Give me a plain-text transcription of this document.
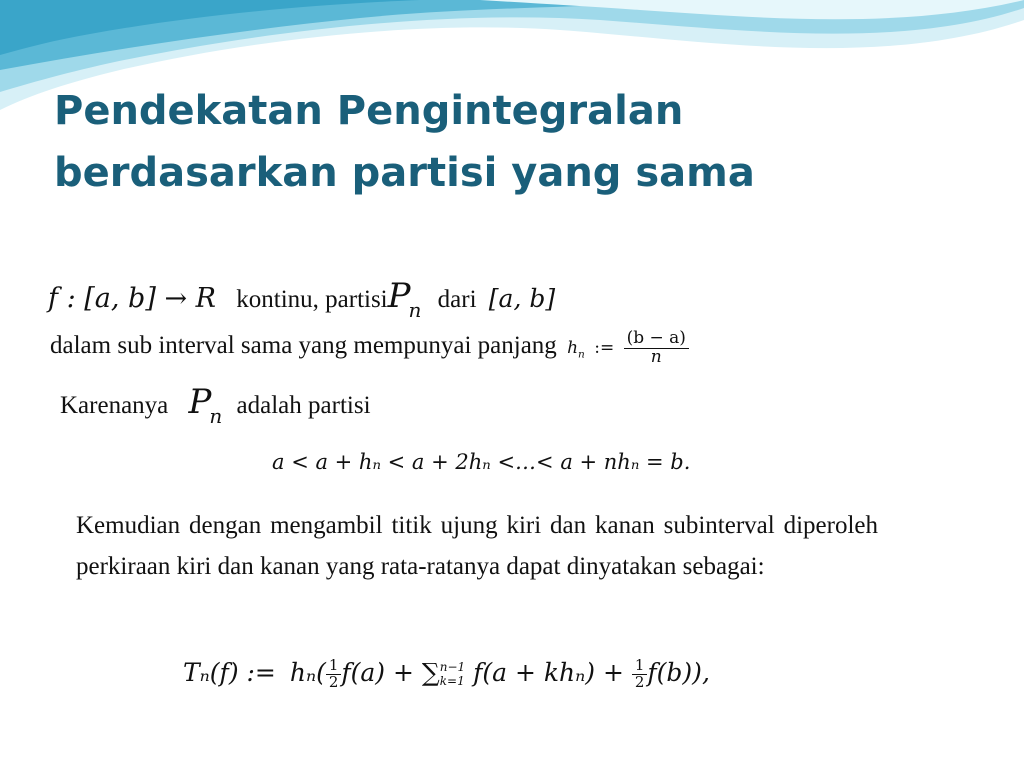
Pendekatan Pengintegralan
berdasarkan partisi yang sama
f : [a, b] → R kontinu, partisiP$_n$ dari [a, b]
dalam sub interval sama yang mempunyai panjang $h_n$ := $\frac{(b - a)}{n}$
Karenanya $P_n$ adalah partisi
a < a + hₙ < a + 2hₙ <…< a + nhₙ = b.

Kemudian dengan mengambil titik ujung kiri dan kanan subinterval diperoleh perkiraan kiri dan kanan yang rata-ratanya dapat dinyatakan sebagai:

Tₙ(f) := $h_n( \frac{1}{2} f(a)$ + ∑ n−1
k=1 $f(a + kh_n) + \frac{1}{2} f(b)$),
